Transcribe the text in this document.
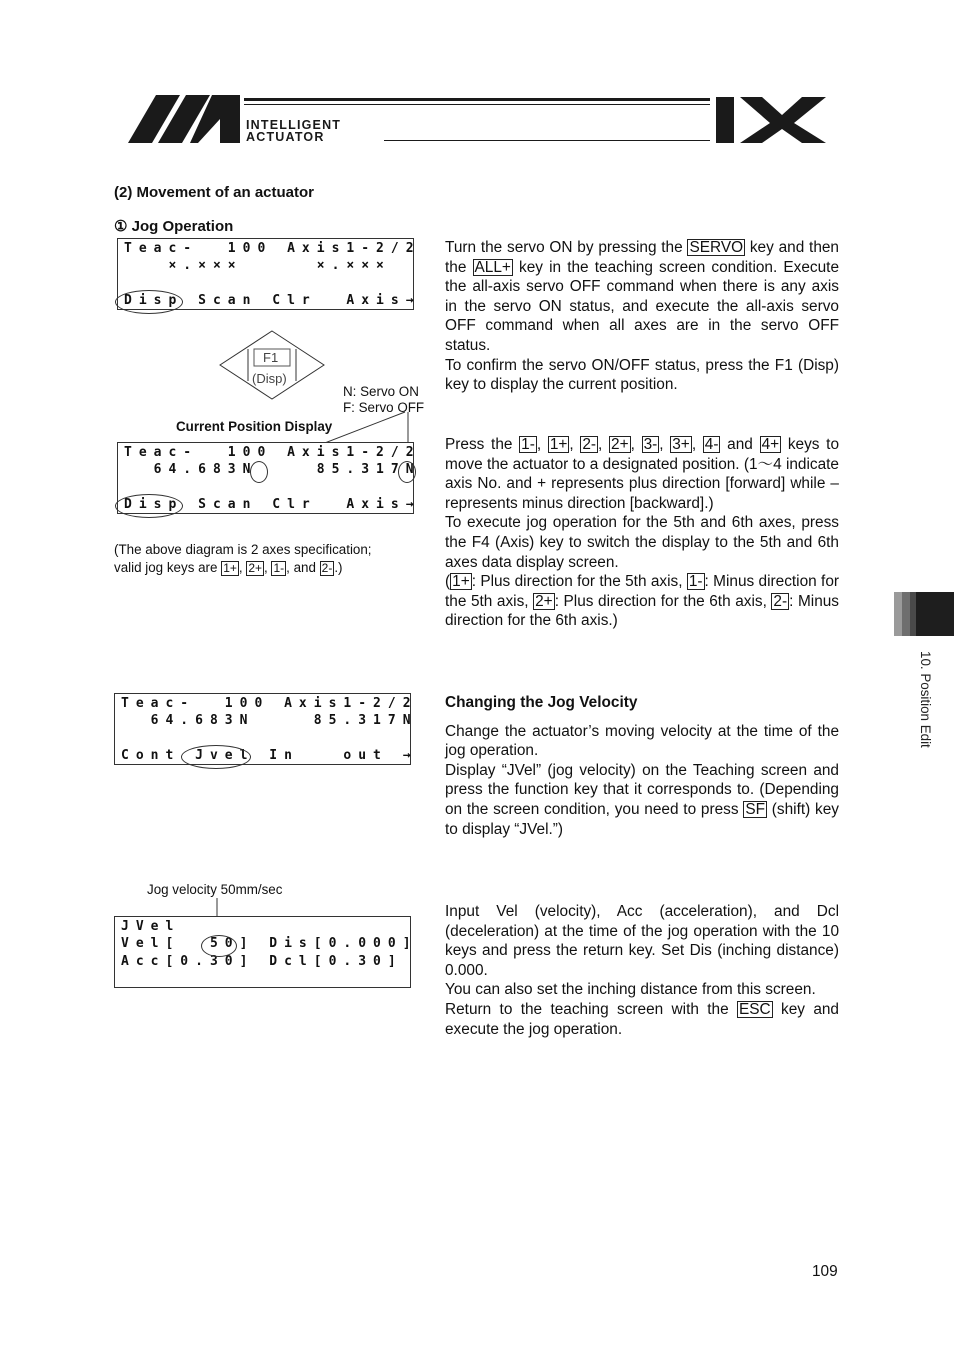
INTELLIGENT
ACTUATOR
(2) Movement of an actuator
① Jog Operation
Teac-  100 Axis1-2/2
×.×××     ×.×××
Disp Scan Clr  Axis→
F1
(Disp)
N: Servo ON
F: Servo OFF
Current Position Display
Teac-  100 Axis1-2/2
64.683N    85.317N
Disp Scan Clr  Axis→
(The above diagram is 2 axes specification;
valid jog keys are 1+ , 2+ , 1- , and 2- .)

Turn the servo ON by pressing the SERVO key and then the ALL+ key in the teaching screen condition. Execute the all-axis servo OFF command when there is any axis in the servo ON status, and execute the all-axis servo OFF command when all axes are in the servo OFF status.

To confirm the servo ON/OFF status, press the F1 (Disp) key to display the current position.

Press the 1- , 1+ , 2- , 2+ , 3- , 3+ , 4- and 4+ keys to move the actuator to a designated position. (1～4 indicate axis No. and + represents plus direction [forward] while – represents minus direction [backward].)

To execute jog operation for the 5th and 6th axes, press the F4 (Axis) key to switch the display to the 5th and 6th axes data display screen.

( 1+ : Plus direction for the 5th axis, 1- : Minus direction for the 5th axis, 2+ : Plus direction for the 6th axis, 2- : Minus direction for the 6th axis.)

Teac-  100 Axis1-2/2
64.683N    85.317N
Cont Jvel In   out →

Changing the Jog Velocity

Change the actuator’s moving velocity at the time of the jog operation.

Display “JVel” (jog velocity) on the Teaching screen and press the function key that it corresponds to. (Depending on the screen condition, you need to press SF (shift) key to display “JVel.”)

Jog velocity 50mm/sec
JVel
Vel[  50] Dis[0.000]
Acc[0.30] Dcl[0.30]

Input Vel (velocity), Acc (acceleration), and Dcl (deceleration) at the time of the jog operation with the 10 keys and press the return key. Set Dis (inching distance) 0.000.

You can also set the inching distance from this screen.

Return to the teaching screen with the ESC key and execute the jog operation.

10. Position Edit
109
